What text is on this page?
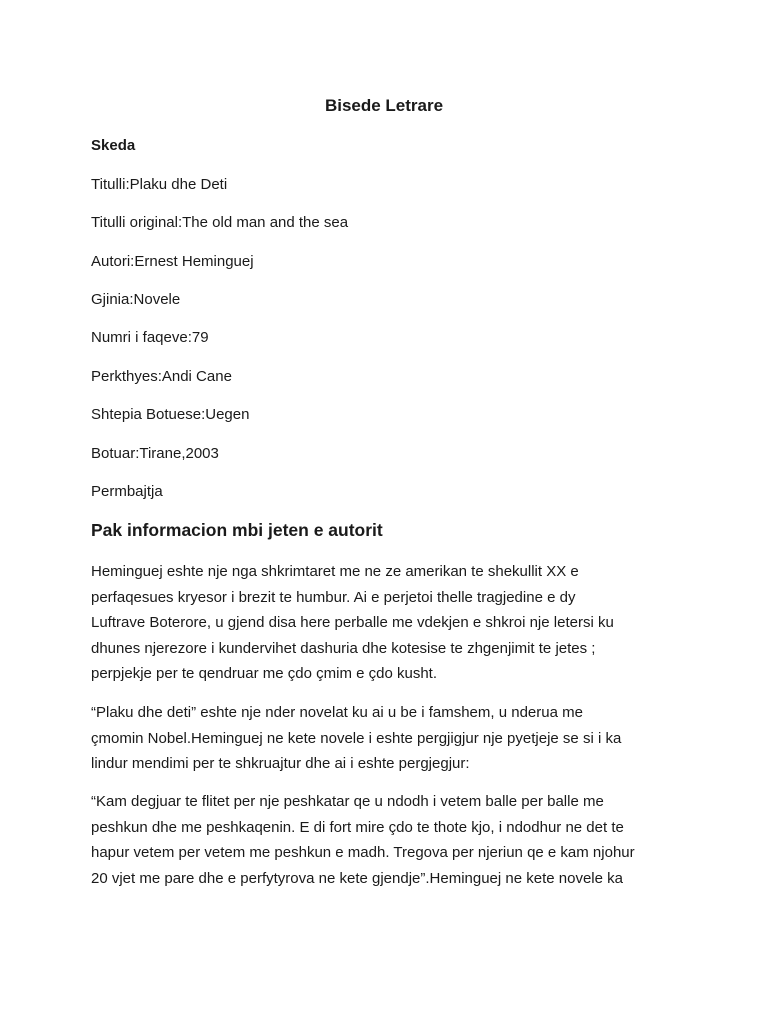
Bisede Letrare

Skeda

Titulli:Plaku dhe Deti

Titulli original:The old man and the sea

Autori:Ernest Heminguej

Gjinia:Novele

Numri i faqeve:79

Perkthyes:Andi Cane

Shtepia Botuese:Uegen

Botuar:Tirane,2003

Permbajtja

Pak informacion mbi jeten e autorit
Heminguej eshte nje nga shkrimtaret me ne ze amerikan te shekullit XX e
perfaqesues kryesor i brezit te humbur. Ai e perjetoi thelle tragjedine e dy
Luftrave Boterore, u gjend disa here perballe me vdekjen e shkroi nje letersi ku
dhunes njerezore i kundervihet dashuria dhe kotesise te zhgenjimit te jetes ;
perpjekje per te qendruar me çdo çmim e çdo kusht.
“Plaku dhe deti” eshte nje nder novelat ku ai u be i famshem, u nderua me
çmomin Nobel.Heminguej ne kete novele i eshte pergjigjur nje pyetjeje se si i ka
lindur mendimi per te shkruajtur dhe ai i eshte pergjegjur:
“Kam degjuar te flitet per nje peshkatar qe u ndodh i vetem balle per balle me
peshkun dhe me peshkaqenin. E di fort mire çdo te thote kjo, i ndodhur ne det te
hapur vetem per vetem me peshkun e madh. Tregova per njeriun qe e kam njohur
20 vjet me pare dhe e perfytyrova ne kete gjendje”.Heminguej ne kete novele ka
